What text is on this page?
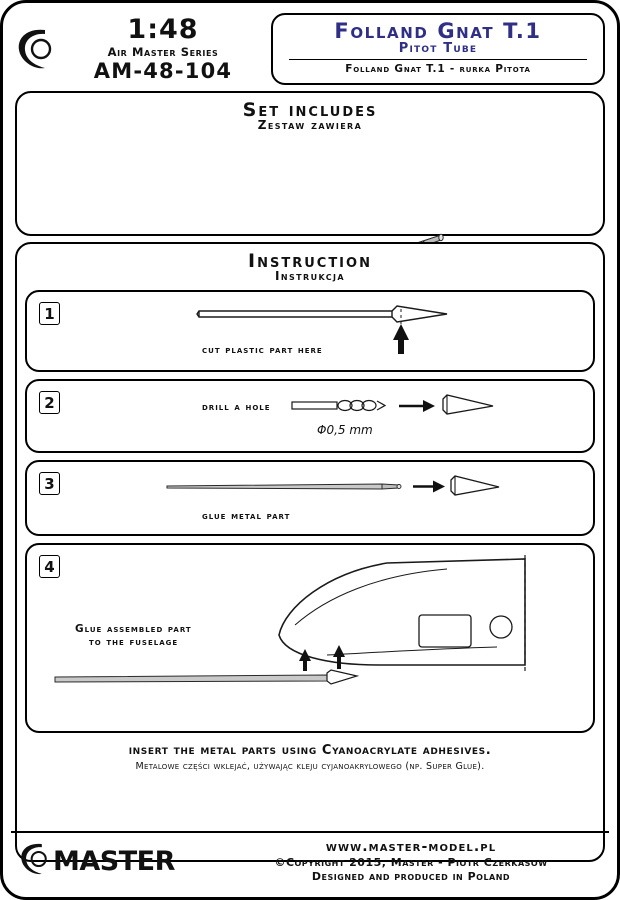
1:48
Air Master Series
AM-48-104
Folland Gnat T.1
Pitot Tube
Folland Gnat T.1 - rurka Pitota
Set includes
Zestaw zawiera
Instruction
Instrukcja
1
cut plastic part here
2	drill a hole
Φ0,5 mm
3
glue metal part
4
Glue assembled part
to the fuselage
insert the metal parts using Cyanoacrylate adhesives.
Metalowe części wklejać, używając kleju cyjanoakrylowego (np. Super Glue).
MASTER	www.master-model.pl
©Copyright 2015, Master - Piotr Czerkasow
Designed and produced in Poland
